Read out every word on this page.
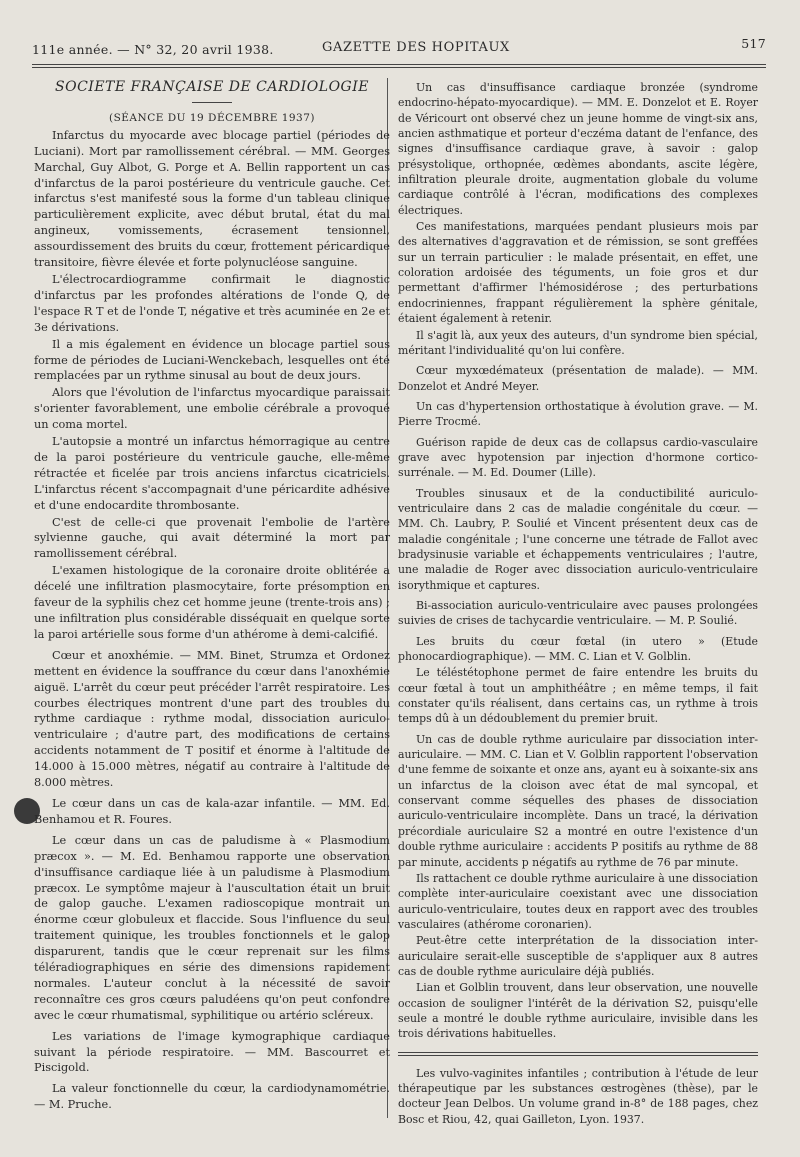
111e année. — N° 32, 20 avril 1938.	GAZETTE DES HOPITAUX	517

SOCIETE FRANÇAISE DE CARDIOLOGIE

(SÉANCE DU 19 DÉCEMBRE 1937)

Infarctus du myocarde avec blocage partiel (périodes de Luciani). Mort par ramollissement cérébral. — MM. Georges Marchal, Guy Albot, G. Porge et A. Bellin rapportent un cas d'infarctus de la paroi postérieure du ventricule gauche. Cet infarctus s'est manifesté sous la forme d'un tableau clinique particulièrement explicite, avec début brutal, état du mal angineux, vomissements, écrasement tensionnel, assourdissement des bruits du cœur, frottement péricardique transitoire, fièvre élevée et forte polynucléose sanguine.

L'électrocardiogramme confirmait le diagnostic d'infarctus par les profondes altérations de l'onde Q, de l'espace R T et de l'onde T, négative et très acuminée en 2e et 3e dérivations.

Il a mis également en évidence un blocage partiel sous forme de périodes de Luciani-Wenckebach, lesquelles ont été remplacées par un rythme sinusal au bout de deux jours.

Alors que l'évolution de l'infarctus myocardique paraissait s'orienter favorablement, une embolie cérébrale a provoqué un coma mortel.

L'autopsie a montré un infarctus hémorragique au centre de la paroi postérieure du ventricule gauche, elle-même rétractée et ficelée par trois anciens infarctus cicatriciels. L'infarctus récent s'accompagnait d'une péricardite adhésive et d'une endocardite thrombosante.

C'est de celle-ci que provenait l'embolie de l'artère sylvienne gauche, qui avait déterminé la mort par ramollissement cérébral.

L'examen histologique de la coronaire droite oblitérée a décelé une infiltration plasmocytaire, forte présomption en faveur de la syphilis chez cet homme jeune (trente-trois ans) ; une infiltration plus considérable disséquait en quelque sorte la paroi artérielle sous forme d'un athérome à demi-calcifié.

Cœur et anoxhémie. — MM. Binet, Strumza et Ordonez mettent en évidence la souffrance du cœur dans l'anoxhémie aiguë. L'arrêt du cœur peut précéder l'arrêt respiratoire. Les courbes électriques montrent d'une part des troubles du rythme cardiaque : rythme modal, dissociation auriculo-ventriculaire ; d'autre part, des modifications de certains accidents notamment de T positif et énorme à l'altitude de 14.000 à 15.000 mètres, négatif au contraire à l'altitude de 8.000 mètres.

Le cœur dans un cas de kala-azar infantile. — MM. Ed. Benhamou et R. Foures.

Le cœur dans un cas de paludisme à « Plasmodium præcox ». — M. Ed. Benhamou rapporte une observation d'insuffisance cardiaque liée à un paludisme à Plasmodium præcox. Le symptôme majeur à l'auscultation était un bruit de galop gauche. L'examen radioscopique montrait un énorme cœur globuleux et flaccide. Sous l'influence du seul traitement quinique, les troubles fonctionnels et le galop disparurent, tandis que le cœur reprenait sur les films téléradiographiques en série des dimensions rapidement normales. L'auteur conclut à la nécessité de savoir reconnaître ces gros cœurs paludéens qu'on peut confondre avec le cœur rhumatismal, syphilitique ou artério scléreux.

Les variations de l'image kymographique cardiaque suivant la période respiratoire. — MM. Bascourret et Piscigold.

La valeur fonctionnelle du cœur, la cardiodynamométrie. — M. Pruche.

Un cas d'insuffisance cardiaque bronzée (syndrome endocrino-hépato-myocardique). — MM. E. Donzelot et E. Royer de Véricourt ont observé chez un jeune homme de vingt-six ans, ancien asthmatique et porteur d'eczéma datant de l'enfance, des signes d'insuffisance cardiaque grave, à savoir : galop présystolique, orthopnée, œdèmes abondants, ascite légère, infiltration pleurale droite, augmentation globale du volume cardiaque contrôlé à l'écran, modifications des complexes électriques.

Ces manifestations, marquées pendant plusieurs mois par des alternatives d'aggravation et de rémission, se sont greffées sur un terrain particulier : le malade présentait, en effet, une coloration ardoisée des téguments, un foie gros et dur permettant d'affirmer l'hémosidérose ; des perturbations endocriniennes, frappant régulièrement la sphère génitale, étaient également à retenir.

Il s'agit là, aux yeux des auteurs, d'un syndrome bien spécial, méritant l'individualité qu'on lui confère.

Cœur myxœdémateux (présentation de malade). — MM. Donzelot et André Meyer.

Un cas d'hypertension orthostatique à évolution grave. — M. Pierre Trocmé.

Guérison rapide de deux cas de collapsus cardio-vasculaire grave avec hypotension par injection d'hormone cortico-surrénale. — M. Ed. Doumer (Lille).

Troubles sinusaux et de la conductibilité auriculo-ventriculaire dans 2 cas de maladie congénitale du cœur. — MM. Ch. Laubry, P. Soulié et Vincent présentent deux cas de maladie congénitale ; l'une concerne une tétrade de Fallot avec bradysinusie variable et échappements ventriculaires ; l'autre, une maladie de Roger avec dissociation auriculo-ventriculaire isorythmique et captures.

Bi-association auriculo-ventriculaire avec pauses prolongées suivies de crises de tachycardie ventriculaire. — M. P. Soulié.

Les bruits du cœur fœtal (in utero » (Etude phonocardiographique). — MM. C. Lian et V. Golblin.

Le téléstétophone permet de faire entendre les bruits du cœur fœtal à tout un amphithéâtre ; en même temps, il fait constater qu'ils réalisent, dans certains cas, un rythme à trois temps dû à un dédoublement du premier bruit.

Un cas de double rythme auriculaire par dissociation inter-auriculaire. — MM. C. Lian et V. Golblin rapportent l'observation d'une femme de soixante et onze ans, ayant eu à soixante-six ans un infarctus de la cloison avec état de mal syncopal, et conservant comme séquelles des phases de dissociation auriculo-ventriculaire incomplète. Dans un tracé, la dérivation précordiale auriculaire S2 a montré en outre l'existence d'un double rythme auriculaire : accidents P positifs au rythme de 88 par minute, accidents p négatifs au rythme de 76 par minute.

Ils rattachent ce double rythme auriculaire à une dissociation complète inter-auriculaire coexistant avec une dissociation auriculo-ventriculaire, toutes deux en rapport avec des troubles vasculaires (athérome coronarien).

Peut-être cette interprétation de la dissociation inter-auriculaire serait-elle susceptible de s'appliquer aux 8 autres cas de double rythme auriculaire déjà publiés.

Lian et Golblin trouvent, dans leur observation, une nouvelle occasion de souligner l'intérêt de la dérivation S2, puisqu'elle seule a montré le double rythme auriculaire, invisible dans les trois dérivations habituelles.

Les vulvo-vaginites infantiles ; contribution à l'étude de leur thérapeutique par les substances œstrogènes (thèse), par le docteur Jean Delbos. Un volume grand in-8° de 188 pages, chez Bosc et Riou, 42, quai Gailleton, Lyon. 1937.
